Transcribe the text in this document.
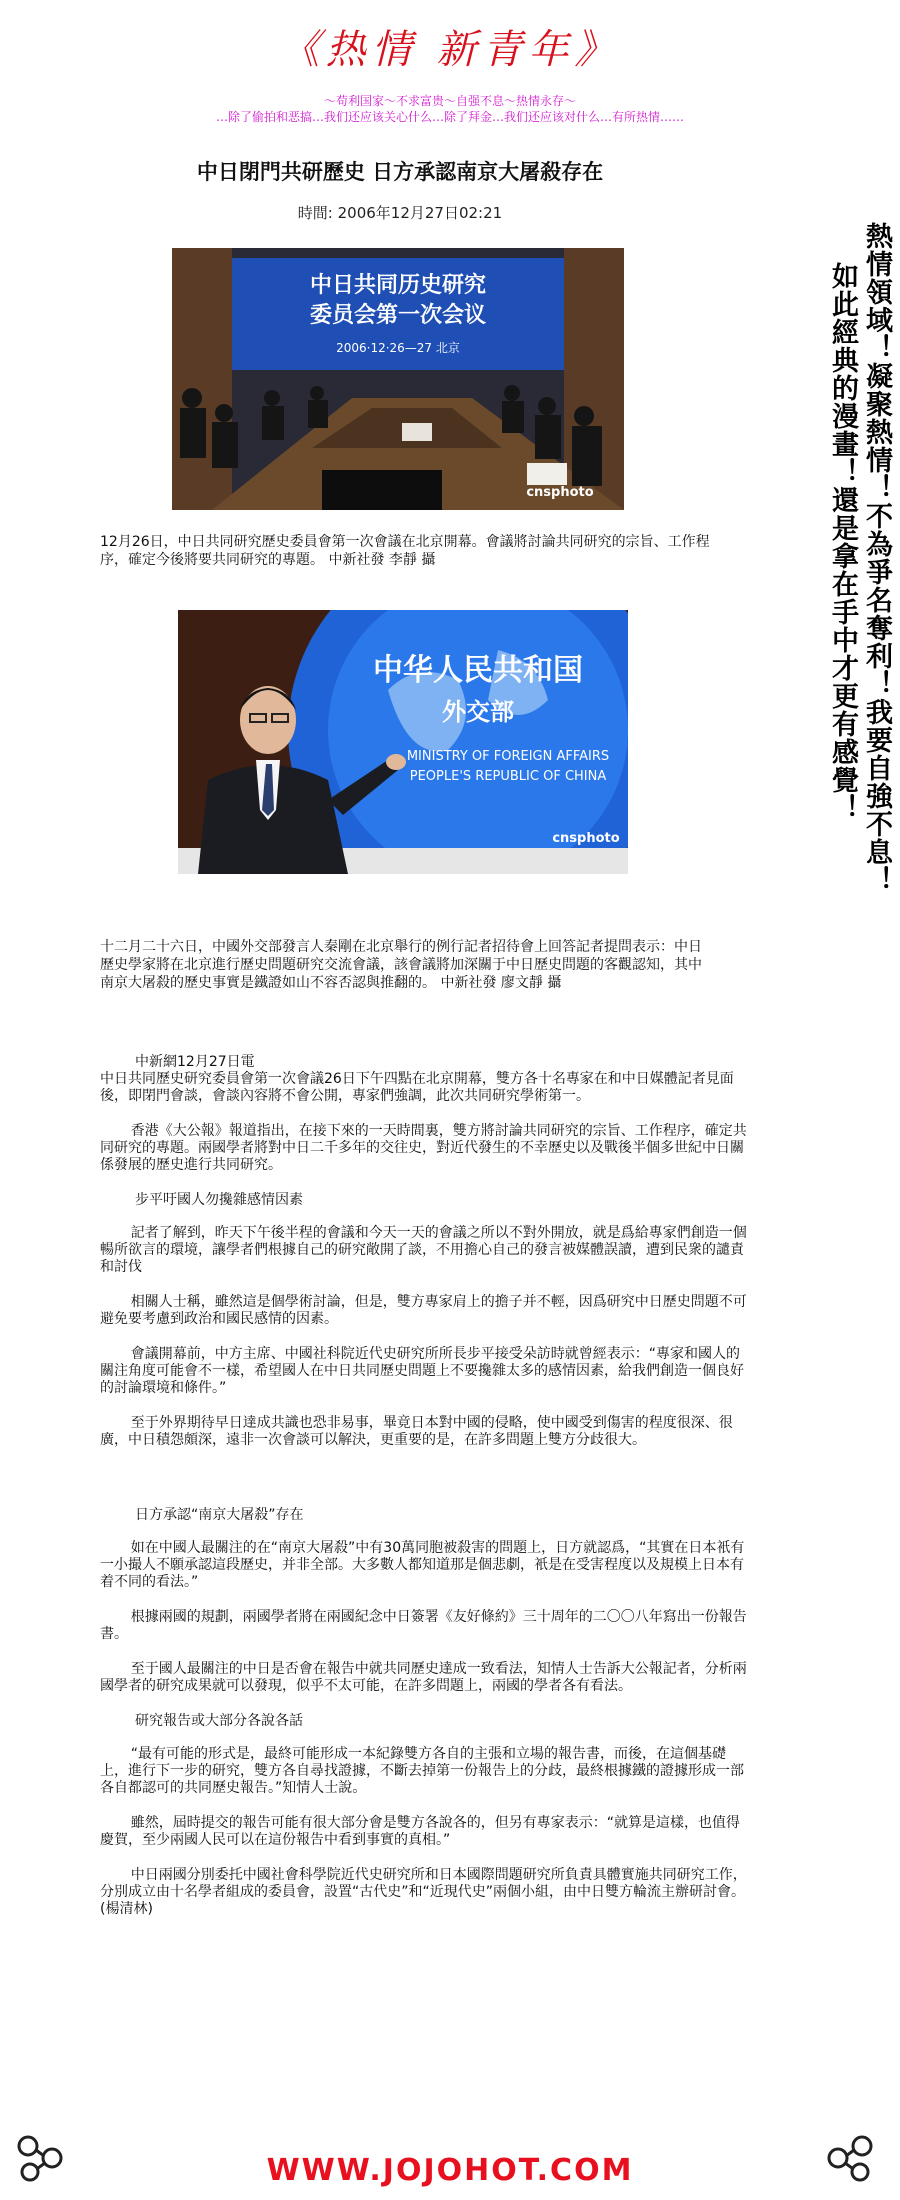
《热情 新青年》
～苟利国家～不求富贵～自强不息～热情永存～
…除了偷拍和恶搞…我们还应该关心什么…除了拜金…我们还应该对什么…有所热情……
中日閉門共研歷史 日方承認南京大屠殺存在
時間: 2006年12月27日02:21
中日共同历史研究
委员会第一次会议
2006·12·26—27 北京
cnsphoto
12月26日，中日共同研究歷史委員會第一次會議在北京開幕。會議將討論共同研究的宗旨、工作程序，確定今後將要共同研究的專題。 中新社發 李靜 攝
中华人民共和国
外交部
MINISTRY OF FOREIGN AFFAIRS
PEOPLE'S REPUBLIC OF CHINA
cnsphoto
十二月二十六日，中國外交部發言人秦剛在北京舉行的例行記者招待會上回答記者提問表示：中日歷史學家將在北京進行歷史問題研究交流會議，該會議將加深關于中日歷史問題的客觀認知，其中南京大屠殺的歷史事實是鐵證如山不容否認與推翻的。 中新社發 廖文靜 攝

中新網12月27日電

中日共同歷史研究委員會第一次會議26日下午四點在北京開幕，雙方各十名專家在和中日媒體記者見面後，即閉門會談，會談內容將不會公開，專家們強調，此次共同研究學術第一。

香港《大公報》報道指出，在接下來的一天時間裏，雙方將討論共同研究的宗旨、工作程序，確定共同研究的專題。兩國學者將對中日二千多年的交往史，對近代發生的不幸歷史以及戰後半個多世紀中日關係發展的歷史進行共同研究。

步平吁國人勿攙雜感情因素

記者了解到，昨天下午後半程的會議和今天一天的會議之所以不對外開放，就是爲給專家們創造一個暢所欲言的環境，讓學者們根據自己的研究敞開了談，不用擔心自己的發言被媒體誤讀，遭到民衆的譴責和討伐

相關人士稱，雖然這是個學術討論，但是，雙方專家肩上的擔子并不輕，因爲研究中日歷史問題不可避免要考慮到政治和國民感情的因素。

會議開幕前，中方主席、中國社科院近代史研究所所長步平接受朵訪時就曾經表示：“專家和國人的關注角度可能會不一樣，希望國人在中日共同歷史問題上不要攙雜太多的感情因素，給我們創造一個良好的討論環境和條件。”

至于外界期待早日達成共識也恐非易事，畢竟日本對中國的侵略，使中國受到傷害的程度很深、很廣，中日積怨頗深，遠非一次會談可以解決，更重要的是，在許多問題上雙方分歧很大。

日方承認“南京大屠殺”存在

如在中國人最關注的在“南京大屠殺”中有30萬同胞被殺害的問題上，日方就認爲，“其實在日本衹有一小撮人不願承認這段歷史，并非全部。大多數人都知道那是個悲劇，衹是在受害程度以及規模上日本有着不同的看法。”

根據兩國的規劃，兩國學者將在兩國紀念中日簽署《友好條約》三十周年的二〇〇八年寫出一份報告書。

至于國人最關注的中日是否會在報告中就共同歷史達成一致看法，知情人士告訴大公報記者，分析兩國學者的研究成果就可以發現，似乎不太可能，在許多問題上，兩國的學者各有看法。

研究報告或大部分各說各話

“最有可能的形式是，最終可能形成一本紀錄雙方各自的主張和立場的報告書，而後，在這個基礎上，進行下一步的研究，雙方各自尋找證據，不斷去掉第一份報告上的分歧，最終根據鐵的證據形成一部各自都認可的共同歷史報告。”知情人士說。

雖然，屆時提交的報告可能有很大部分會是雙方各說各的，但另有專家表示：“就算是這樣，也值得慶賀，至少兩國人民可以在這份報告中看到事實的真相。”

中日兩國分別委托中國社會科學院近代史研究所和日本國際問題研究所負責具體實施共同研究工作，分別成立由十名學者組成的委員會，設置“古代史”和“近現代史”兩個小組，由中日雙方輪流主辦研討會。(楊清林)

熱情領域！凝聚熱情！不為爭名奪利！我要自強不息！
如此經典的漫畫！還是拿在手中才更有感覺！
WWW.JOJOHOT.COM
